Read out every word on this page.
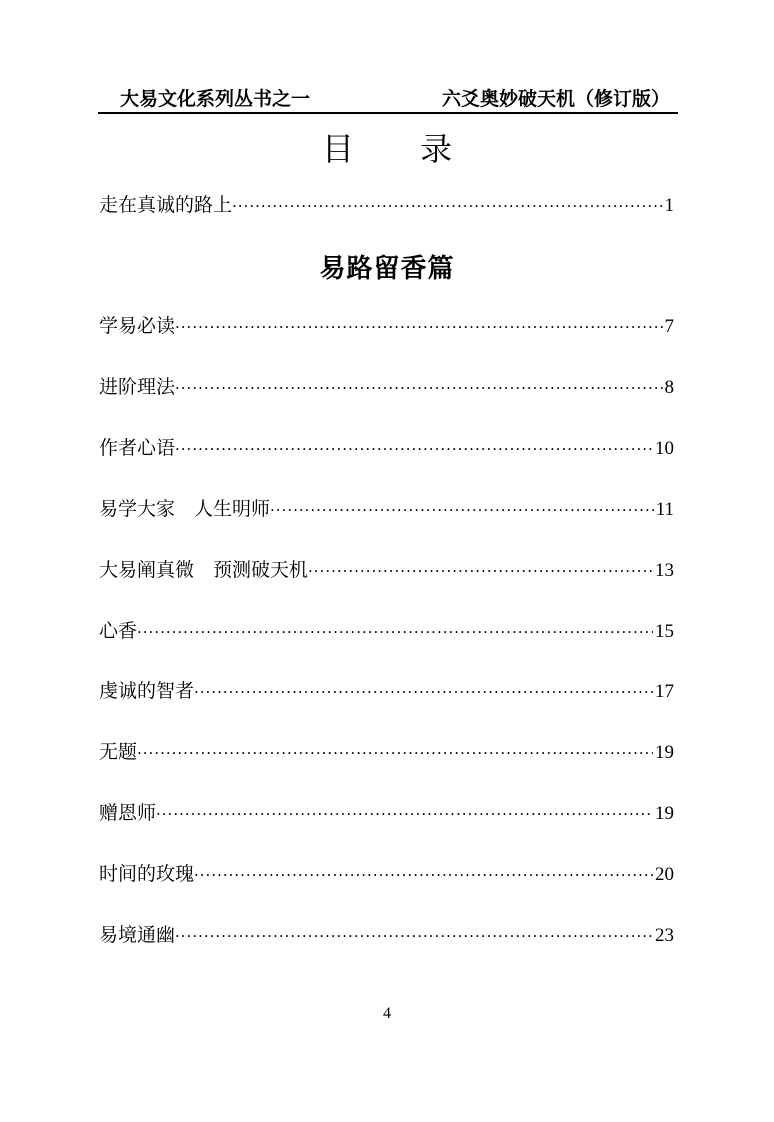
大易文化系列丛书之一	六爻奥妙破天机（修订版）
目 录
走在真诚的路上 ·····	1
易路留香篇
学易必读 ·····	7
进阶理法 ·····	8
作者心语 ·····	10
易学大家　人生明师 ·····	11
大易阐真微　预测破天机 ·····	13
心香 ·····	15
虔诚的智者 ·····	17
无题 ·····	19
赠恩师 ·····	19
时间的玫瑰 ·····	20
易境通幽 ·····	23
4
